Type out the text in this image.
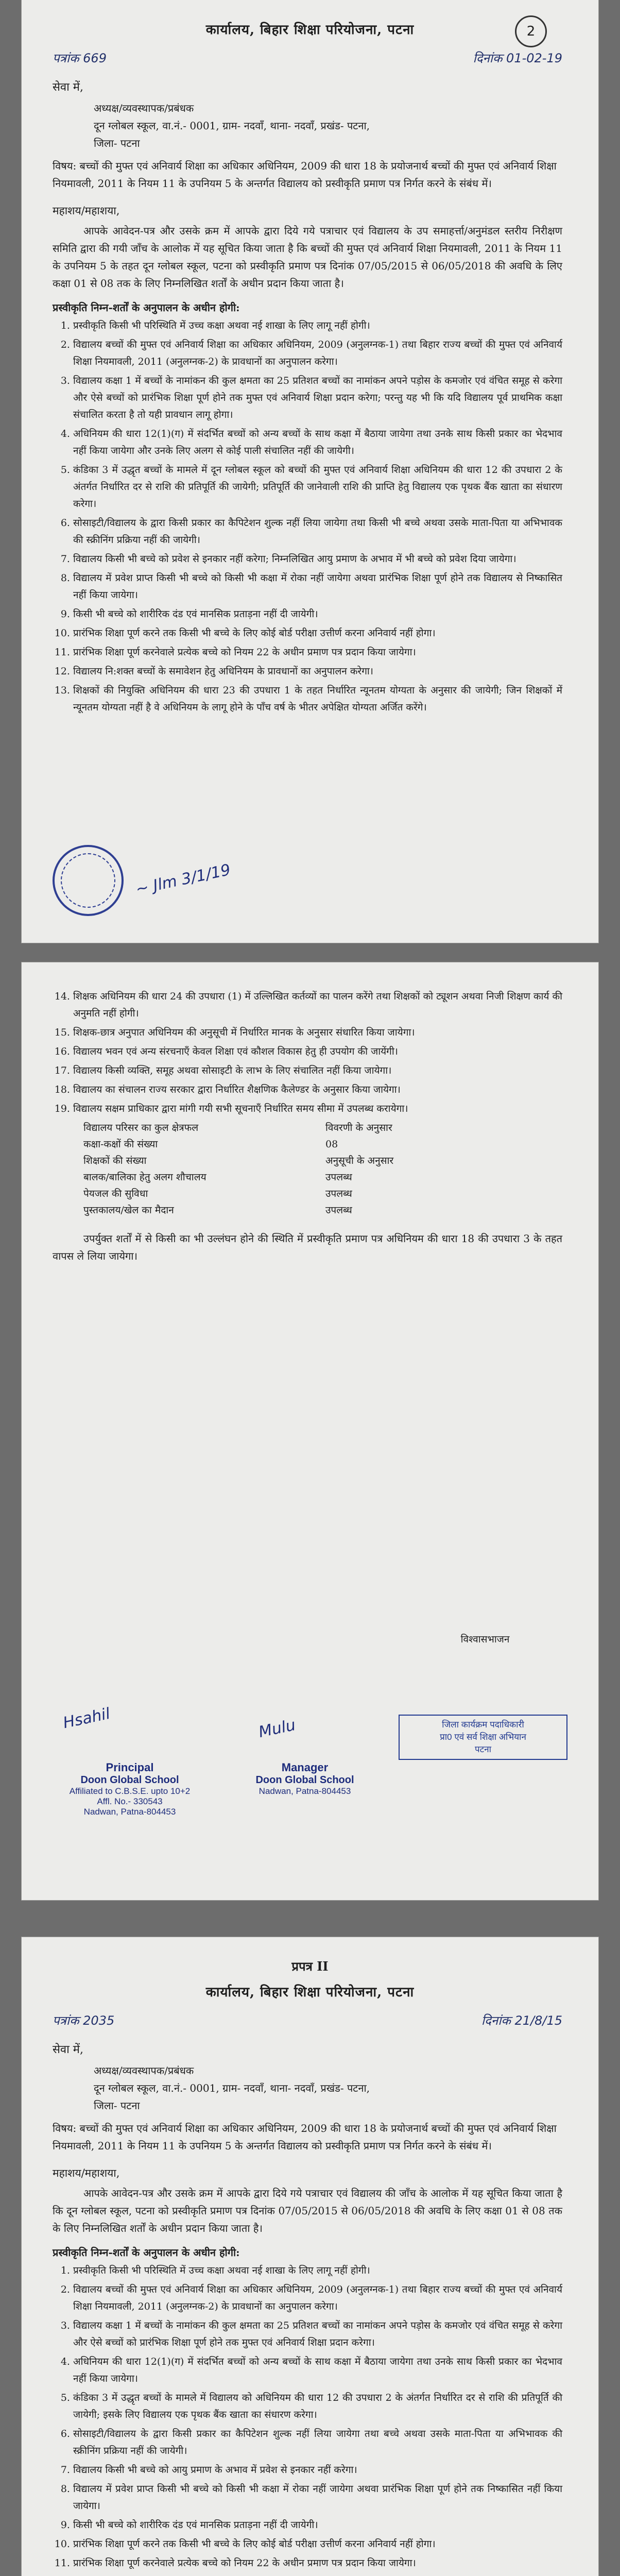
2
कार्यालय, बिहार शिक्षा परियोजना, पटना
पत्रांक 669	दिनांक 01-02-19
सेवा में,
अध्यक्ष/व्यवस्थापक/प्रबंधक
दून ग्लोबल स्कूल, वा.नं.- 0001, ग्राम- नदवाँ, थाना- नदवाँ, प्रखंड- पटना,
जिला- पटना
विषय: बच्चों की मुफ्त एवं अनिवार्य शिक्षा का अधिकार अधिनियम, 2009 की धारा 18 के प्रयोजनार्थ बच्चों की मुफ्त एवं अनिवार्य शिक्षा नियमावली, 2011 के नियम 11 के उपनियम 5 के अन्तर्गत विद्यालय को प्रस्वीकृति प्रमाण पत्र निर्गत करने के संबंध में।
महाशय/महाशया,
आपके आवेदन-पत्र और उसके क्रम में आपके द्वारा दिये गये पत्राचार एवं विद्यालय के उप समाहर्त्ता/अनुमंडल स्तरीय निरीक्षण समिति द्वारा की गयी जाँच के आलोक में यह सूचित किया जाता है कि बच्चों की मुफ्त एवं अनिवार्य शिक्षा नियमावली, 2011 के नियम 11 के उपनियम 5 के तहत दून ग्लोबल स्कूल, पटना को प्रस्वीकृति प्रमाण पत्र दिनांक 07/05/2015 से 06/05/2018 की अवधि के लिए कक्षा 01 से 08 तक के लिए निम्नलिखित शर्तों के अधीन प्रदान किया जाता है।
प्रस्वीकृति निम्न-शर्तों के अनुपालन के अधीन होगी:
1. प्रस्वीकृति किसी भी परिस्थिति में उच्च कक्षा अथवा नई शाखा के लिए लागू नहीं होगी।
2. विद्यालय बच्चों की मुफ्त एवं अनिवार्य शिक्षा का अधिकार अधिनियम, 2009 (अनुलग्नक-1) तथा बिहार राज्य बच्चों की मुफ्त एवं अनिवार्य शिक्षा नियमावली, 2011 (अनुलग्नक-2) के प्रावधानों का अनुपालन करेगा।
3. विद्यालय कक्षा 1 में बच्चों के नामांकन की कुल क्षमता का 25 प्रतिशत बच्चों का नामांकन अपने पड़ोस के कमजोर एवं वंचित समूह से करेगा और ऐसे बच्चों को प्रारंभिक शिक्षा पूर्ण होने तक मुफ्त एवं अनिवार्य शिक्षा प्रदान करेगा; परन्तु यह भी कि यदि विद्यालय पूर्व प्राथमिक कक्षा संचालित करता है तो यही प्रावधान लागू होगा।
4. अधिनियम की धारा 12(1)(ग) में संदर्भित बच्चों को अन्य बच्चों के साथ कक्षा में बैठाया जायेगा तथा उनके साथ किसी प्रकार का भेदभाव नहीं किया जायेगा और उनके लिए अलग से कोई पाली संचालित नहीं की जायेगी।
5. कंडिका 3 में उद्धृत बच्चों के मामले में दून ग्लोबल स्कूल को बच्चों की मुफ्त एवं अनिवार्य शिक्षा अधिनियम की धारा 12 की उपधारा 2 के अंतर्गत निर्धारित दर से राशि की प्रतिपूर्ति की जायेगी; प्रतिपूर्ति की जानेवाली राशि की प्राप्ति हेतु विद्यालय एक पृथक बैंक खाता का संधारण करेगा।
6. सोसाइटी/विद्यालय के द्वारा किसी प्रकार का कैपिटेशन शुल्क नहीं लिया जायेगा तथा किसी भी बच्चे अथवा उसके माता-पिता या अभिभावक की स्क्रीनिंग प्रक्रिया नहीं की जायेगी।
7. विद्यालय किसी भी बच्चे को प्रवेश से इनकार नहीं करेगा; निम्नलिखित आयु प्रमाण के अभाव में भी बच्चे को प्रवेश दिया जायेगा।
8. विद्यालय में प्रवेश प्राप्त किसी भी बच्चे को किसी भी कक्षा में रोका नहीं जायेगा अथवा प्रारंभिक शिक्षा पूर्ण होने तक विद्यालय से निष्कासित नहीं किया जायेगा।
9. किसी भी बच्चे को शारीरिक दंड एवं मानसिक प्रताड़ना नहीं दी जायेगी।
10. प्रारंभिक शिक्षा पूर्ण करने तक किसी भी बच्चे के लिए कोई बोर्ड परीक्षा उत्तीर्ण करना अनिवार्य नहीं होगा।
11. प्रारंभिक शिक्षा पूर्ण करनेवाले प्रत्येक बच्चे को नियम 22 के अधीन प्रमाण पत्र प्रदान किया जायेगा।
12. विद्यालय नि:शक्त बच्चों के समावेशन हेतु अधिनियम के प्रावधानों का अनुपालन करेगा।
13. शिक्षकों की नियुक्ति अधिनियम की धारा 23 की उपधारा 1 के तहत निर्धारित न्यूनतम योग्यता के अनुसार की जायेगी; जिन शिक्षकों में न्यूनतम योग्यता नहीं है वे अधिनियम के लागू होने के पाँच वर्ष के भीतर अपेक्षित योग्यता अर्जित करेंगे।
~ Jlm 3/1/19
14. शिक्षक अधिनियम की धारा 24 की उपधारा (1) में उल्लिखित कर्तव्यों का पालन करेंगे तथा शिक्षकों को ट्यूशन अथवा निजी शिक्षण कार्य की अनुमति नहीं होगी।
15. शिक्षक-छात्र अनुपात अधिनियम की अनुसूची में निर्धारित मानक के अनुसार संधारित किया जायेगा।
16. विद्यालय भवन एवं अन्य संरचनाएँ केवल शिक्षा एवं कौशल विकास हेतु ही उपयोग की जायेंगी।
17. विद्यालय किसी व्यक्ति, समूह अथवा सोसाइटी के लाभ के लिए संचालित नहीं किया जायेगा।
18. विद्यालय का संचालन राज्य सरकार द्वारा निर्धारित शैक्षणिक कैलेण्डर के अनुसार किया जायेगा।
19. विद्यालय सक्षम प्राधिकार द्वारा मांगी गयी सभी सूचनाएँ निर्धारित समय सीमा में उपलब्ध करायेगा।
विद्यालय परिसर का कुल क्षेत्रफल	विवरणी के अनुसार
कक्षा-कक्षों की संख्या	08
शिक्षकों की संख्या	अनुसूची के अनुसार
बालक/बालिका हेतु अलग शौचालय	उपलब्ध
पेयजल की सुविधा	उपलब्ध
पुस्तकालय/खेल का मैदान	उपलब्ध
उपर्युक्त शर्तों में से किसी का भी उल्लंघन होने की स्थिति में प्रस्वीकृति प्रमाण पत्र अधिनियम की धारा 18 की उपधारा 3 के तहत वापस ले लिया जायेगा।
विश्वासभाजन
Hsahil
Principal
Doon Global School
Affiliated to C.B.S.E. upto 10+2
Affl. No.- 330543
Nadwan, Patna-804453
Mulu
Manager
Doon Global School
Nadwan, Patna-804453
जिला कार्यक्रम पदाधिकारी
प्रा0 एवं सर्व शिक्षा अभियान
पटना
प्रपत्र II
कार्यालय, बिहार शिक्षा परियोजना, पटना
पत्रांक 2035	दिनांक 21/8/15
सेवा में,
अध्यक्ष/व्यवस्थापक/प्रबंधक
दून ग्लोबल स्कूल, वा.नं.- 0001, ग्राम- नदवाँ, थाना- नदवाँ, प्रखंड- पटना,
जिला- पटना
विषय: बच्चों की मुफ्त एवं अनिवार्य शिक्षा का अधिकार अधिनियम, 2009 की धारा 18 के प्रयोजनार्थ बच्चों की मुफ्त एवं अनिवार्य शिक्षा नियमावली, 2011 के नियम 11 के उपनियम 5 के अन्तर्गत विद्यालय को प्रस्वीकृति प्रमाण पत्र निर्गत करने के संबंध में।
महाशय/महाशया,
आपके आवेदन-पत्र और उसके क्रम में आपके द्वारा दिये गये पत्राचार एवं विद्यालय की जाँच के आलोक में यह सूचित किया जाता है कि दून ग्लोबल स्कूल, पटना को प्रस्वीकृति प्रमाण पत्र दिनांक 07/05/2015 से 06/05/2018 की अवधि के लिए कक्षा 01 से 08 तक के लिए निम्नलिखित शर्तों के अधीन प्रदान किया जाता है।
प्रस्वीकृति निम्न-शर्तों के अनुपालन के अधीन होगी:
1. प्रस्वीकृति किसी भी परिस्थिति में उच्च कक्षा अथवा नई शाखा के लिए लागू नहीं होगी।
2. विद्यालय बच्चों की मुफ्त एवं अनिवार्य शिक्षा का अधिकार अधिनियम, 2009 (अनुलग्नक-1) तथा बिहार राज्य बच्चों की मुफ्त एवं अनिवार्य शिक्षा नियमावली, 2011 (अनुलग्नक-2) के प्रावधानों का अनुपालन करेगा।
3. विद्यालय कक्षा 1 में बच्चों के नामांकन की कुल क्षमता का 25 प्रतिशत बच्चों का नामांकन अपने पड़ोस के कमजोर एवं वंचित समूह से करेगा और ऐसे बच्चों को प्रारंभिक शिक्षा पूर्ण होने तक मुफ्त एवं अनिवार्य शिक्षा प्रदान करेगा।
4. अधिनियम की धारा 12(1)(ग) में संदर्भित बच्चों को अन्य बच्चों के साथ कक्षा में बैठाया जायेगा तथा उनके साथ किसी प्रकार का भेदभाव नहीं किया जायेगा।
5. कंडिका 3 में उद्धृत बच्चों के मामले में विद्यालय को अधिनियम की धारा 12 की उपधारा 2 के अंतर्गत निर्धारित दर से राशि की प्रतिपूर्ति की जायेगी; इसके लिए विद्यालय एक पृथक बैंक खाता का संधारण करेगा।
6. सोसाइटी/विद्यालय के द्वारा किसी प्रकार का कैपिटेशन शुल्क नहीं लिया जायेगा तथा बच्चे अथवा उसके माता-पिता या अभिभावक की स्क्रीनिंग प्रक्रिया नहीं की जायेगी।
7. विद्यालय किसी भी बच्चे को आयु प्रमाण के अभाव में प्रवेश से इनकार नहीं करेगा।
8. विद्यालय में प्रवेश प्राप्त किसी भी बच्चे को किसी भी कक्षा में रोका नहीं जायेगा अथवा प्रारंभिक शिक्षा पूर्ण होने तक निष्कासित नहीं किया जायेगा।
9. किसी भी बच्चे को शारीरिक दंड एवं मानसिक प्रताड़ना नहीं दी जायेगी।
10. प्रारंभिक शिक्षा पूर्ण करने तक किसी भी बच्चे के लिए कोई बोर्ड परीक्षा उत्तीर्ण करना अनिवार्य नहीं होगा।
11. प्रारंभिक शिक्षा पूर्ण करनेवाले प्रत्येक बच्चे को नियम 22 के अधीन प्रमाण पत्र प्रदान किया जायेगा।
12.
